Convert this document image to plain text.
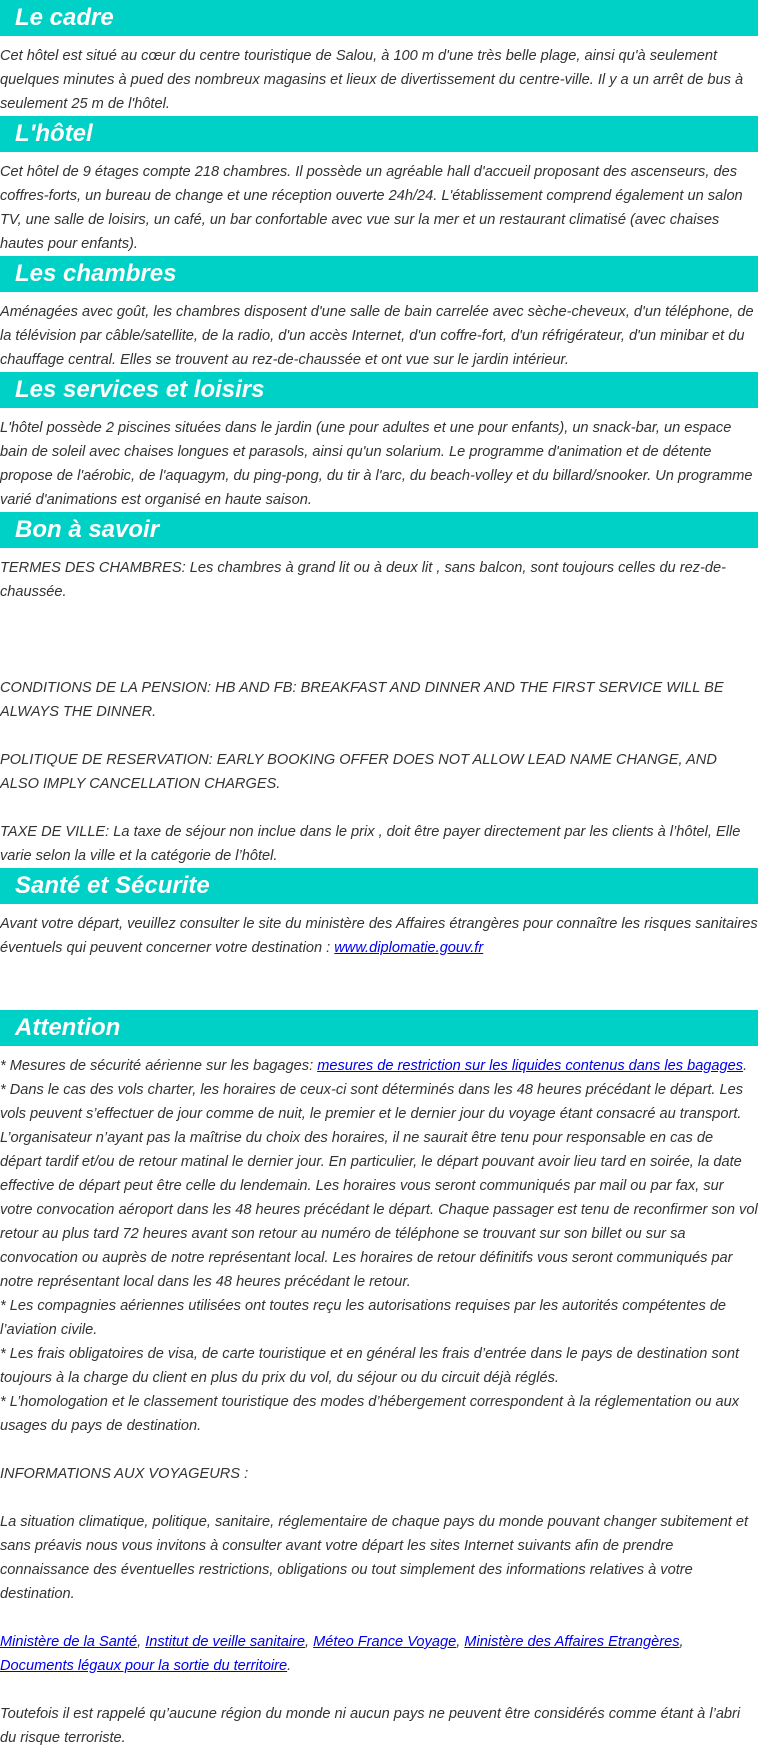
Le cadre

Cet hôtel est situé au cœur du centre touristique de Salou, à 100 m d'une très belle plage, ainsi qu'à seulement quelques minutes à pued des nombreux magasins et lieux de divertissement du centre-ville. Il y a un arrêt de bus à seulement 25 m de l'hôtel.

L'hôtel

Cet hôtel de 9 étages compte 218 chambres. Il possède un agréable hall d'accueil proposant des ascenseurs, des coffres-forts, un bureau de change et une réception ouverte 24h/24. L'établissement comprend également un salon TV, une salle de loisirs, un café, un bar confortable avec vue sur la mer et un restaurant climatisé (avec chaises hautes pour enfants).

Les chambres

Aménagées avec goût, les chambres disposent d'une salle de bain carrelée avec sèche-cheveux, d'un téléphone, de la télévision par câble/satellite, de la radio, d'un accès Internet, d'un coffre-fort, d'un réfrigérateur, d'un minibar et du chauffage central. Elles se trouvent au rez-de-chaussée et ont vue sur le jardin intérieur.

Les services et loisirs

L'hôtel possède 2 piscines situées dans le jardin (une pour adultes et une pour enfants), un snack-bar, un espace bain de soleil avec chaises longues et parasols, ainsi qu'un solarium. Le programme d'animation et de détente propose de l'aérobic, de l'aquagym, du ping-pong, du tir à l'arc, du beach-volley et du billard/snooker. Un programme varié d'animations est organisé en haute saison.

Bon à savoir

TERMES DES CHAMBRES: Les chambres à grand lit ou à deux lit , sans balcon, sont toujours celles du rez-de-chaussée.

CONDITIONS DE LA PENSION: HB AND FB: BREAKFAST AND DINNER AND THE FIRST SERVICE WILL BE ALWAYS THE DINNER.

POLITIQUE DE RESERVATION: EARLY BOOKING OFFER DOES NOT ALLOW LEAD NAME CHANGE, AND ALSO IMPLY CANCELLATION CHARGES.

TAXE DE VILLE: La taxe de séjour non inclue dans le prix , doit être payer directement par les clients à l’hôtel, Elle varie selon la ville et la catégorie de l’hôtel.

Santé et Sécurite

Avant votre départ, veuillez consulter le site du ministère des Affaires étrangères pour connaître les risques sanitaires éventuels qui peuvent concerner votre destination : www.diplomatie.gouv.fr

Attention

* Mesures de sécurité aérienne sur les bagages: mesures de restriction sur les liquides contenus dans les bagages.

* Dans le cas des vols charter, les horaires de ceux-ci sont déterminés dans les 48 heures précédant le départ. Les vols peuvent s’effectuer de jour comme de nuit, le premier et le dernier jour du voyage étant consacré au transport. L’organisateur n’ayant pas la maîtrise du choix des horaires, il ne saurait être tenu pour responsable en cas de départ tardif et/ou de retour matinal le dernier jour. En particulier, le départ pouvant avoir lieu tard en soirée, la date effective de départ peut être celle du lendemain. Les horaires vous seront communiqués par mail ou par fax, sur votre convocation aéroport dans les 48 heures précédant le départ. Chaque passager est tenu de reconfirmer son vol retour au plus tard 72 heures avant son retour au numéro de téléphone se trouvant sur son billet ou sur sa convocation ou auprès de notre représentant local. Les horaires de retour définitifs vous seront communiqués par notre représentant local dans les 48 heures précédant le retour.

* Les compagnies aériennes utilisées ont toutes reçu les autorisations requises par les autorités compétentes de l’aviation civile.

* Les frais obligatoires de visa, de carte touristique et en général les frais d’entrée dans le pays de destination sont toujours à la charge du client en plus du prix du vol, du séjour ou du circuit déjà réglés.

* L’homologation et le classement touristique des modes d’hébergement correspondent à la réglementation ou aux usages du pays de destination.

INFORMATIONS AUX VOYAGEURS :

La situation climatique, politique, sanitaire, réglementaire de chaque pays du monde pouvant changer subitement et sans préavis nous vous invitons à consulter avant votre départ les sites Internet suivants afin de prendre connaissance des éventuelles restrictions, obligations ou tout simplement des informations relatives à votre destination.

Ministère de la Santé, Institut de veille sanitaire, Méteo France Voyage, Ministère des Affaires Etrangères, Documents légaux pour la sortie du territoire.

Toutefois il est rappelé qu’aucune région du monde ni aucun pays ne peuvent être considérés comme étant à l’abri du risque terroriste.
